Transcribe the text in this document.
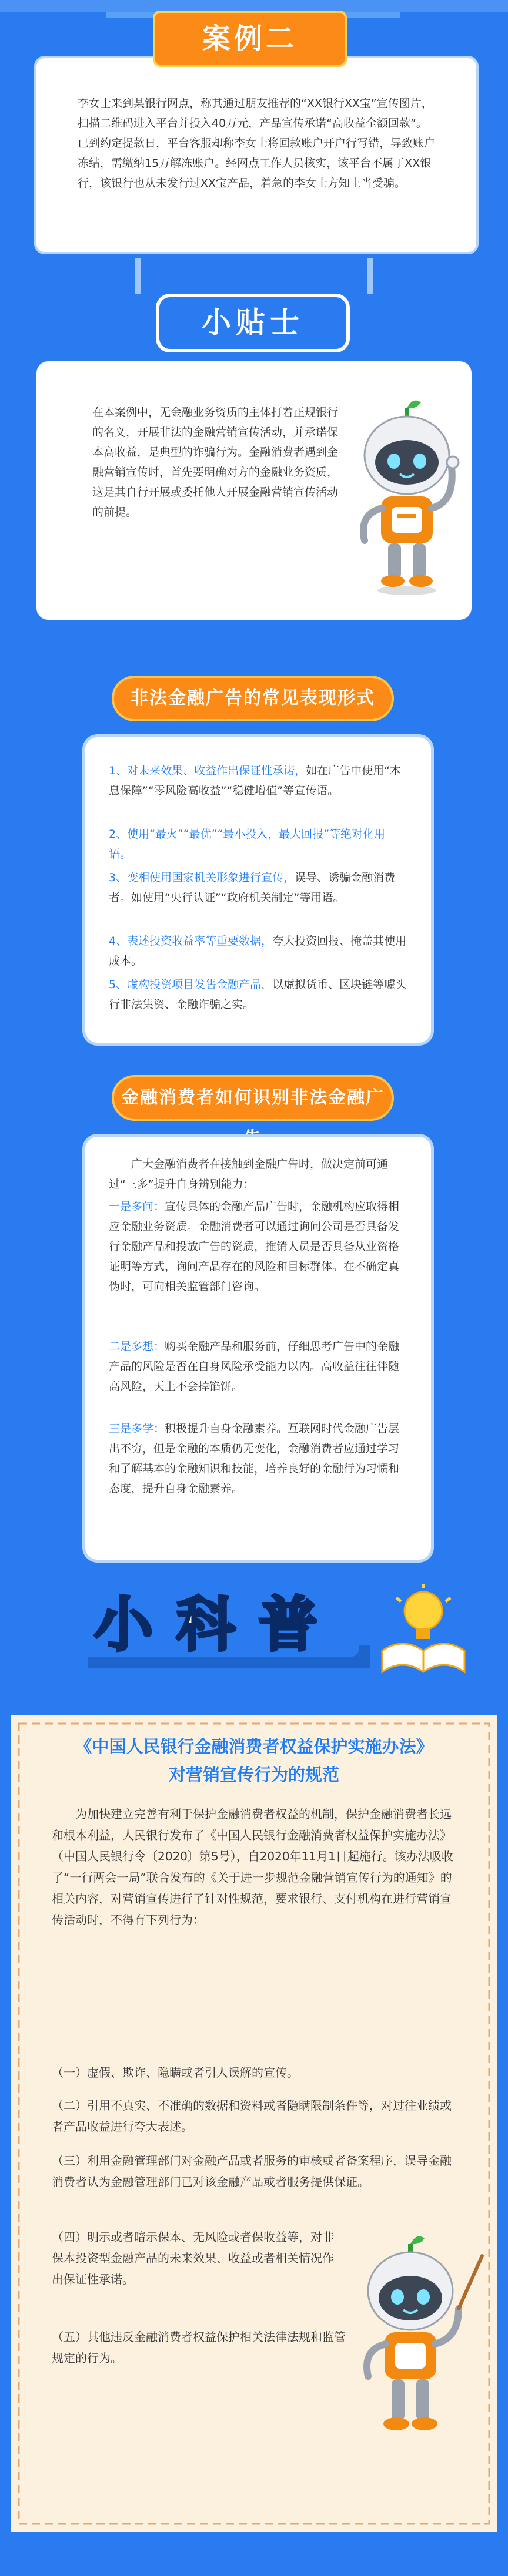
李女士来到某银行网点，称其通过朋友推荐的“XX银行XX宝”宣传图片，扫描二维码进入平台并投入40万元，产品宣传承诺“高收益全额回款”。已到约定提款日，平台客服却称李女士将回款账户开户行写错，导致账户冻结，需缴纳15万解冻账户。经网点工作人员核实，该平台不属于XX银行，该银行也从未发行过XX宝产品，着急的李女士方知上当受骗。
案例二
在本案例中，无金融业务资质的主体打着正规银行的名义，开展非法的金融营销宣传活动，并承诺保本高收益，是典型的诈骗行为。金融消费者遇到金融营销宣传时，首先要明确对方的金融业务资质，这是其自行开展或委托他人开展金融营销宣传活动的前提。
小贴士
非法金融广告的常见表现形式
1、对未来效果、收益作出保证性承诺，如在广告中使用“本息保障”“零风险高收益”“稳健增值”等宣传语。
2、使用“最火”“最优”“最小投入，最大回报”等绝对化用语。
3、变相使用国家机关形象进行宣传，误导、诱骗金融消费者。如使用“央行认证”“政府机关制定”等用语。
4、表述投资收益率等重要数据，夸大投资回报、掩盖其使用成本。
5、虚构投资项目发售金融产品，以虚拟货币、区块链等噱头行非法集资、金融诈骗之实。
金融消费者如何识别非法金融广
广大金融消费者在接触到金融广告时，做决定前可通过“三多”提升自身辨别能力：
一是多问：宣传具体的金融产品广告时，金融机构应取得相应金融业务资质。金融消费者可以通过询问公司是否具备发行金融产品和投放广告的资质，推销人员是否具备从业资格证明等方式，询问产品存在的风险和目标群体。在不确定真伪时，可向相关监管部门咨询。
二是多想：购买金融产品和服务前，仔细思考广告中的金融产品的风险是否在自身风险承受能力以内。高收益往往伴随高风险，天上不会掉馅饼。
三是多学：积极提升自身金融素养。互联网时代金融广告层出不穷，但是金融的本质仍无变化，金融消费者应通过学习和了解基本的金融知识和技能，培养良好的金融行为习惯和态度，提升自身金融素养。
小科普
《中国人民银行金融消费者权益保护实施办法》
对营销宣传行为的规范
为加快建立完善有利于保护金融消费者权益的机制，保护金融消费者长远和根本利益，人民银行发布了《中国人民银行金融消费者权益保护实施办法》（中国人民银行令〔2020〕第5号），自2020年11月1日起施行。该办法吸收了“一行两会一局”联合发布的《关于进一步规范金融营销宣传行为的通知》的相关内容，对营销宣传进行了针对性规范，要求银行、支付机构在进行营销宣传活动时，不得有下列行为：
（一）虚假、欺诈、隐瞒或者引人误解的宣传。
（二）引用不真实、不准确的数据和资料或者隐瞒限制条件等，对过往业绩或者产品收益进行夸大表述。
（三）利用金融管理部门对金融产品或者服务的审核或者备案程序，误导金融消费者认为金融管理部门已对该金融产品或者服务提供保证。
（四）明示或者暗示保本、无风险或者保收益等，对非保本投资型金融产品的未来效果、收益或者相关情况作出保证性承诺。
（五）其他违反金融消费者权益保护相关法律法规和监管规定的行为。
